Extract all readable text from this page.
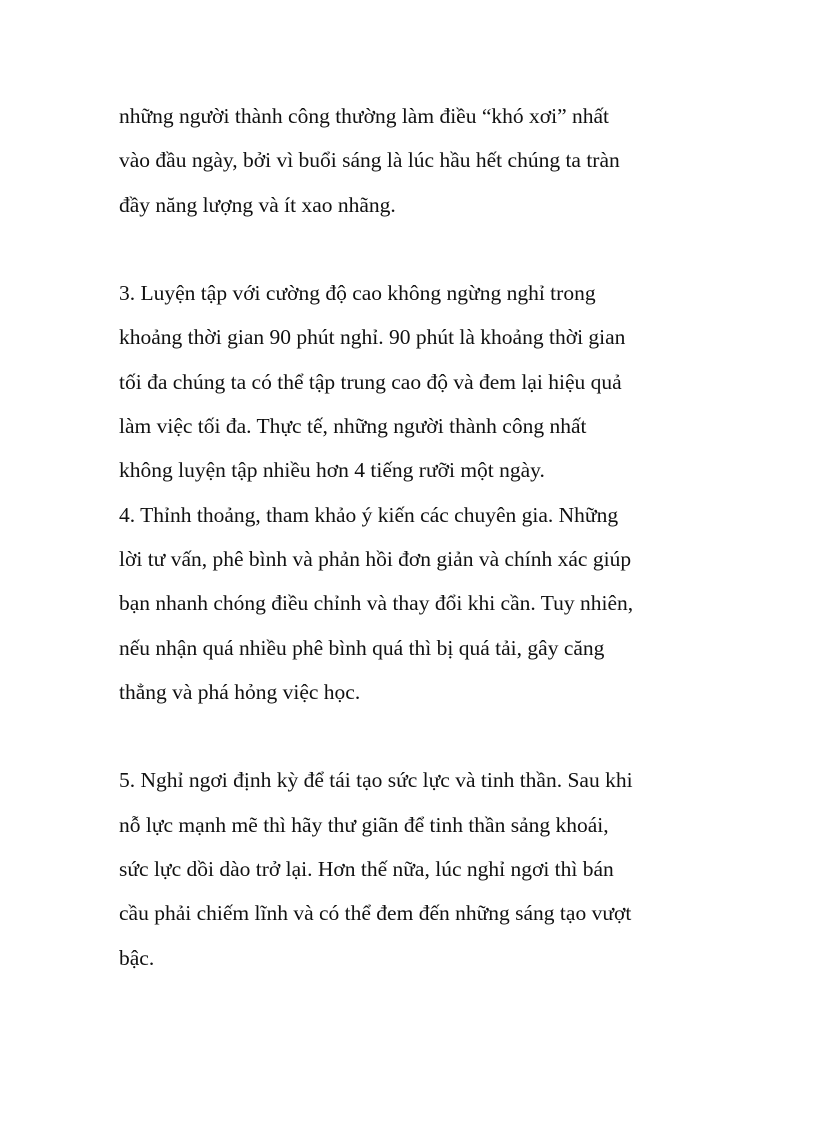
những người thành công thường làm điều “khó xơi” nhất
vào đầu ngày, bởi vì buổi sáng là lúc hầu hết chúng ta tràn
đầy năng lượng và ít xao nhãng.
3. Luyện tập với cường độ cao không ngừng nghỉ trong
khoảng thời gian 90 phút nghỉ. 90 phút là khoảng thời gian
tối đa chúng ta có thể tập trung cao độ và đem lại hiệu quả
làm việc tối đa. Thực tế, những người thành công nhất
không luyện tập nhiều hơn 4 tiếng rưỡi một ngày.
4. Thỉnh thoảng, tham khảo ý kiến các chuyên gia. Những
lời tư vấn, phê bình và phản hồi đơn giản và chính xác giúp
bạn nhanh chóng điều chỉnh và thay đổi khi cần. Tuy nhiên,
nếu nhận quá nhiều phê bình quá thì bị quá tải, gây căng
thẳng và phá hỏng việc học.
5. Nghỉ ngơi định kỳ để tái tạo sức lực và tinh thần. Sau khi
nỗ lực mạnh mẽ thì hãy thư giãn để tinh thần sảng khoái,
sức lực dồi dào trở lại. Hơn thế nữa, lúc nghỉ ngơi thì bán
cầu phải chiếm lĩnh và có thể đem đến những sáng tạo vượt
bậc.
